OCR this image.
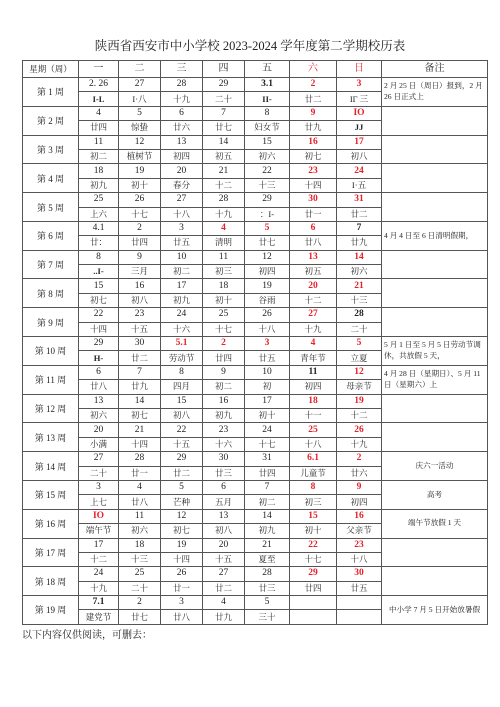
陕西省西安市中小学校 2023-2024 学年度第二学期校历表
星期（周）	一	二	三	四	五	六	日	备注
第 1 周	2. 26	27	28	29	3.1	2	3	2 月 25 日（周日）报到，2 月 26 日正式上

	I-L	I·八	十九	二十	II-	廿二	IΓ 三	
第 2 周	4	5	6	7	8	9	IO	

	廿四	惊蛰	廿六	廿七	妇女节	廿九	JJ	
第 3 周	11	12	13	14	15	16	17	

	初二	植树节	初四	初五	初六	初七	初八	
第 4 周	18	19	20	21	22	23	24	

	初九	初十	春分	十二	十三	十四	I·五	
第 5 周	25	26	27	28	29	30	31	

	上六	十七	十八	十九	：I-	廿一	廿二	
第 6 周	4.1	2	3	4	5	6	7	4 月 4 日至 6 日清明假期，

	廿：	廿四	廿五	清明	廿七	廿八	廿九	
第 7 周	8	9	10	11	12	13	14	

	..I-	三月	初二	初三	初四	初五	初六	
第 8 周	15	16	17	18	19	20	21	

	初七	初八	初九	初十	谷雨	十二	十三	
第 9 周	22	23	24	25	26	27	28	

	十四	十五	十六	十七	十八	十九	二十	
第 10 周	29	30	5.1	2	3	4	5	5 月 1 日至 5 月 5 日劳动节调休，共放假 5 天，

	H-	廿二	劳动节	廿四	廿五	青年节	立夏	
第 11 周	6	7	8	9	10	11	12	4 月 28 日（星期日）、5 月 11 日（星期六）上

	廿八	廿九	四月	初二	初	初四	母亲节	
第 12 周	13	14	15	16	17	18	19	

	初六	初七	初八	初九	初十	十一	十二	
第 13 周	20	21	22	23	24	25	26	

	小满	十四	十五	十六	十七	十八	十九	
第 14 周	27	28	29	30	31	6.1	2	庆六一活动

	二十	廿一	廿二	廿三	廿四	儿童节	廿六	
第 15 周	3	4	5	6	7	8	9	高考

	上七	廿八	芒种	五月	初二	初三	初四	
第 16 周	IO	11	12	13	14	15	16	端午节放假 1 天

	端午节	初六	初七	初八	初九	初十	父亲节	
第 17 周	17	18	19	20	21	22	23	

	十二	十三	十四	十五	夏至	十七	十八	
第 18 周	24	25	26	27	28	29	30	

	十九	二十	廿一	廿二	廿三	廿四	廿五	
第 19 周	7.1	2	3	4	5			中小学 7 月 5 日开始放暑假

	建党节	廿七	廿八	廿九	三十			
以下内容仅供阅读，可删去：
